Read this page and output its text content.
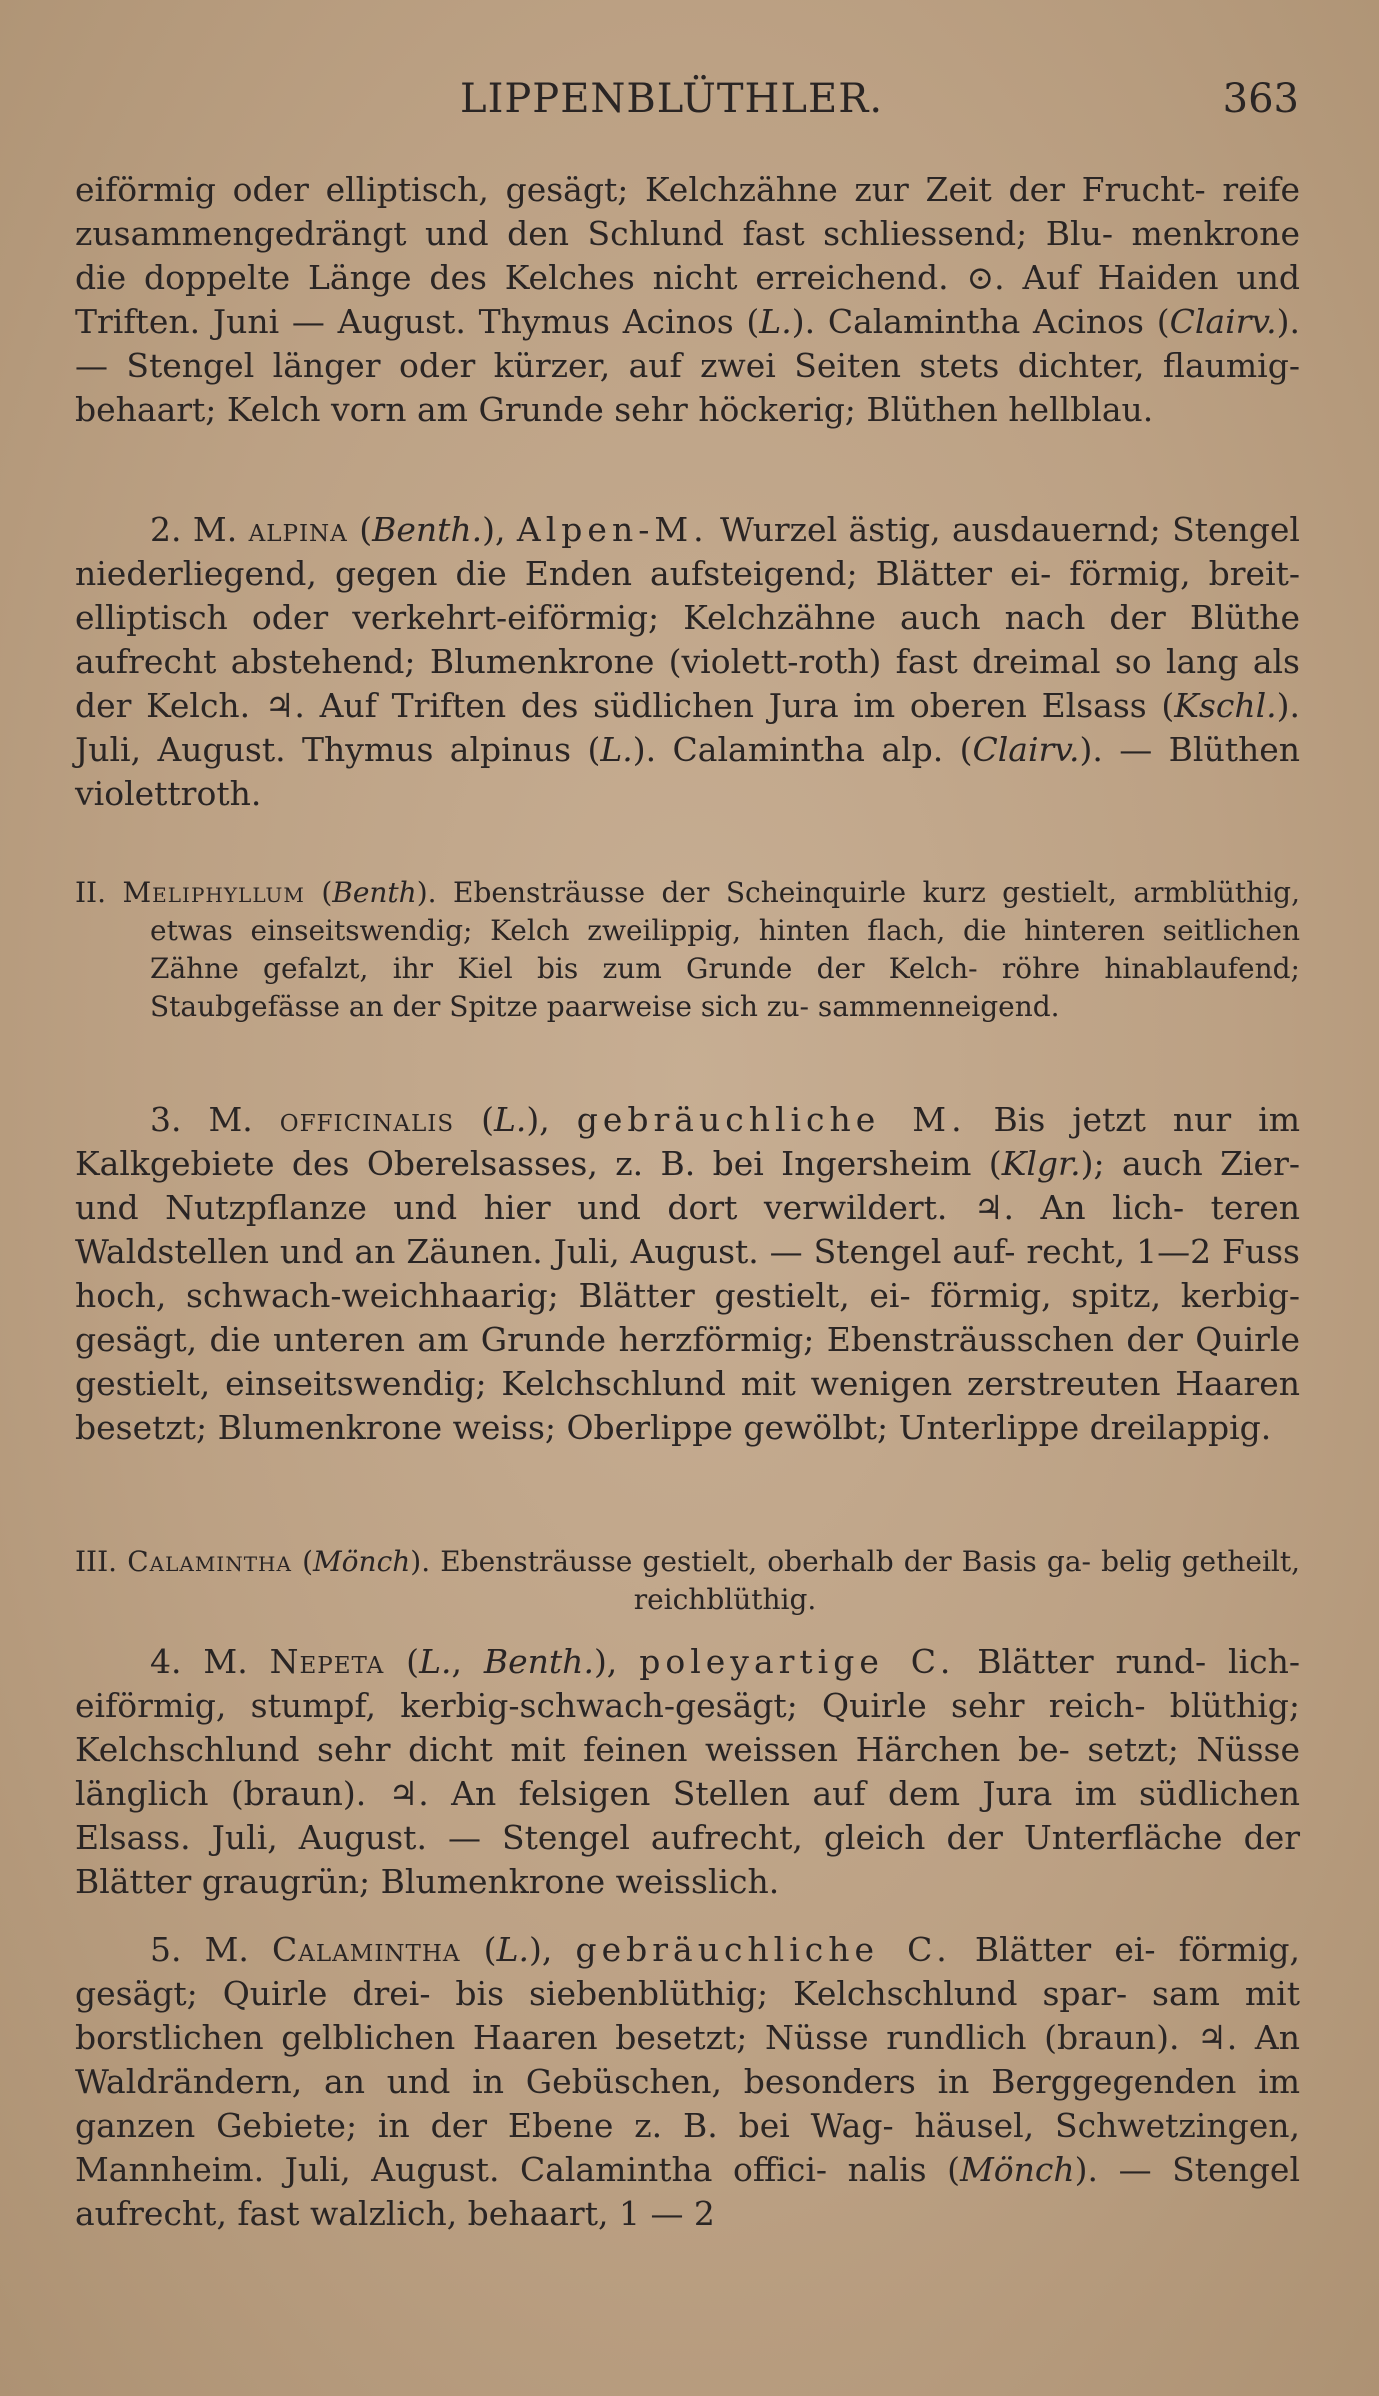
LIPPENBLÜTHLER.	363

eiförmig oder elliptisch, gesägt; Kelchzähne zur Zeit der Frucht- reife zusammengedrängt und den Schlund fast schliessend; Blu- menkrone die doppelte Länge des Kelches nicht erreichend. ⊙. Auf Haiden und Triften. Juni — August. Thymus Acinos (L.). Calamintha Acinos (Clairv.). — Stengel länger oder kürzer, auf zwei Seiten stets dichter, flaumig-behaart; Kelch vorn am Grunde sehr höckerig; Blüthen hellblau.

2. M. alpina (Benth.), Alpen-M. Wurzel ästig, ausdauernd; Stengel niederliegend, gegen die Enden aufsteigend; Blätter ei- förmig, breit-elliptisch oder verkehrt-eiförmig; Kelchzähne auch nach der Blüthe aufrecht abstehend; Blumenkrone (violett-roth) fast dreimal so lang als der Kelch. ♃. Auf Triften des südlichen Jura im oberen Elsass (Kschl.). Juli, August. Thymus alpinus (L.). Calamintha alp. (Clairv.). — Blüthen violettroth.

II. Meliphyllum (Benth). Ebensträusse der Scheinquirle kurz gestielt, armblüthig, etwas einseitswendig; Kelch zweilippig, hinten flach, die hinteren seitlichen Zähne gefalzt, ihr Kiel bis zum Grunde der Kelch- röhre hinablaufend; Staubgefässe an der Spitze paarweise sich zu- sammenneigend.

3. M. officinalis (L.), gebräuchliche M. Bis jetzt nur im Kalkgebiete des Oberelsasses, z. B. bei Ingersheim (Klgr.); auch Zier- und Nutzpflanze und hier und dort verwildert. ♃. An lich- teren Waldstellen und an Zäunen. Juli, August. — Stengel auf- recht, 1—2 Fuss hoch, schwach-weichhaarig; Blätter gestielt, ei- förmig, spitz, kerbig-gesägt, die unteren am Grunde herzförmig; Ebensträusschen der Quirle gestielt, einseitswendig; Kelchschlund mit wenigen zerstreuten Haaren besetzt; Blumenkrone weiss; Oberlippe gewölbt; Unterlippe dreilappig.

III. Calamintha (Mönch). Ebensträusse gestielt, oberhalb der Basis ga- belig getheilt, reichblüthig.

4. M. Nepeta (L., Benth.), poleyartige C. Blätter rund- lich-eiförmig, stumpf, kerbig-schwach-gesägt; Quirle sehr reich- blüthig; Kelchschlund sehr dicht mit feinen weissen Härchen be- setzt; Nüsse länglich (braun). ♃. An felsigen Stellen auf dem Jura im südlichen Elsass. Juli, August. — Stengel aufrecht, gleich der Unterfläche der Blätter graugrün; Blumenkrone weisslich.

5. M. Calamintha (L.), gebräuchliche C. Blätter ei- förmig, gesägt; Quirle drei- bis siebenblüthig; Kelchschlund spar- sam mit borstlichen gelblichen Haaren besetzt; Nüsse rundlich (braun). ♃. An Waldrändern, an und in Gebüschen, besonders in Berggegenden im ganzen Gebiete; in der Ebene z. B. bei Wag- häusel, Schwetzingen, Mannheim. Juli, August. Calamintha offici- nalis (Mönch). — Stengel aufrecht, fast walzlich, behaart, 1 — 2
